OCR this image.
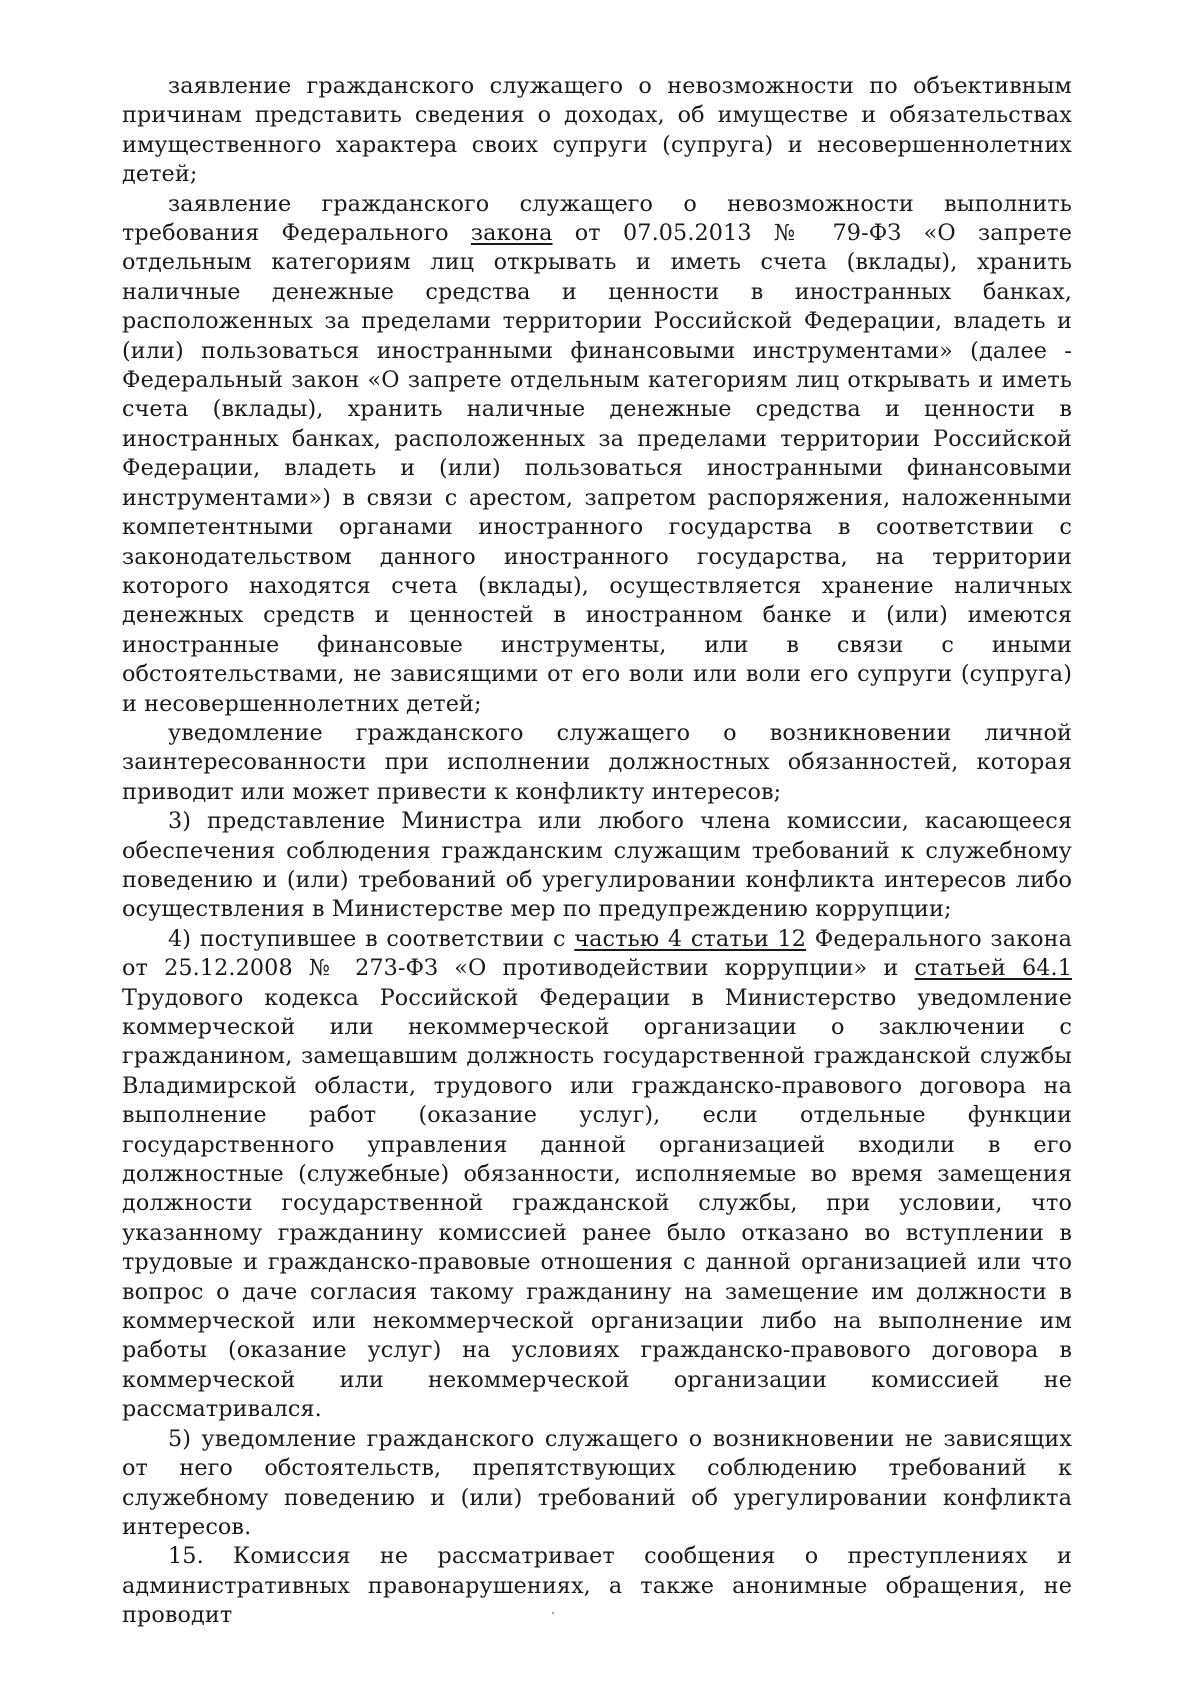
заявление гражданского служащего о невозможности по объективным причинам представить сведения о доходах, об имуществе и обязательствах имущественного характера своих супруги (супруга) и несовершеннолетних детей;

заявление гражданского служащего о невозможности выполнить требования Федерального закона от 07.05.2013 № 79-ФЗ «О запрете отдельным категориям лиц открывать и иметь счета (вклады), хранить наличные денежные средства и ценности в иностранных банках, расположенных за пределами территории Российской Федерации, владеть и (или) пользоваться иностранными финансовыми инструментами» (далее - Федеральный закон «О запрете отдельным категориям лиц открывать и иметь счета (вклады), хранить наличные денежные средства и ценности в иностранных банках, расположенных за пределами территории Российской Федерации, владеть и (или) пользоваться иностранными финансовыми инструментами») в связи с арестом, запретом распоряжения, наложенными компетентными органами иностранного государства в соответствии с законодательством данного иностранного государства, на территории которого находятся счета (вклады), осуществляется хранение наличных денежных средств и ценностей в иностранном банке и (или) имеются иностранные финансовые инструменты, или в связи с иными обстоятельствами, не зависящими от его воли или воли его супруги (супруга) и несовершеннолетних детей;

уведомление гражданского служащего о возникновении личной заинтересованности при исполнении должностных обязанностей, которая приводит или может привести к конфликту интересов;

3) представление Министра или любого члена комиссии, касающееся обеспечения соблюдения гражданским служащим требований к служебному поведению и (или) требований об урегулировании конфликта интересов либо осуществления в Министерстве мер по предупреждению коррупции;

4) поступившее в соответствии с частью 4 статьи 12 Федерального закона от 25.12.2008 № 273-ФЗ «О противодействии коррупции» и статьей 64.1 Трудового кодекса Российской Федерации в Министерство уведомление коммерческой или некоммерческой организации о заключении с гражданином, замещавшим должность государственной гражданской службы Владимирской области, трудового или гражданско-правового договора на выполнение работ (оказание услуг), если отдельные функции государственного управления данной организацией входили в его должностные (служебные) обязанности, исполняемые во время замещения должности государственной гражданской службы, при условии, что указанному гражданину комиссией ранее было отказано во вступлении в трудовые и гражданско-правовые отношения с данной организацией или что вопрос о даче согласия такому гражданину на замещение им должности в коммерческой или некоммерческой организации либо на выполнение им работы (оказание услуг) на условиях гражданско-правового договора в коммерческой или некоммерческой организации комиссией не рассматривался.

5) уведомление гражданского служащего о возникновении не зависящих от него обстоятельств, препятствующих соблюдению требований к служебному поведению и (или) требований об урегулировании конфликта интересов.

15. Комиссия не рассматривает сообщения о преступлениях и административных правонарушениях, а также анонимные обращения, не проводит
